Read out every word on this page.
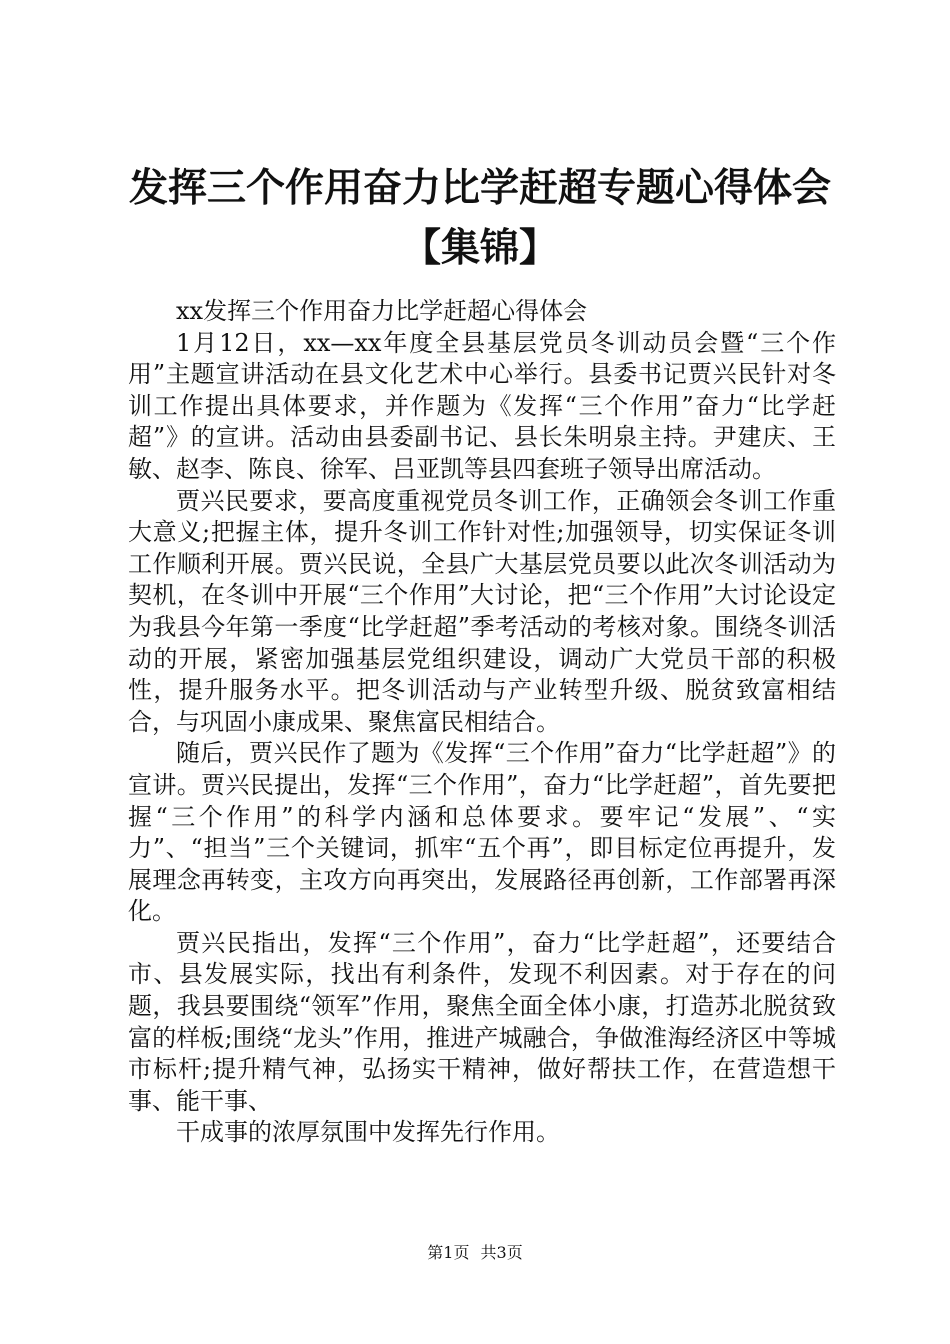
发挥三个作用奋力比学赶超专题心得体会【集锦】

xx发挥三个作用奋力比学赶超心得体会

1月12日，xx—xx年度全县基层党员冬训动员会暨“三个作用”主题宣讲活动在县文化艺术中心举行。县委书记贾兴民针对冬训工作提出具体要求，并作题为《发挥“三个作用”奋力“比学赶超”》的宣讲。活动由县委副书记、县长朱明泉主持。尹建庆、王敏、赵李、陈良、徐军、吕亚凯等县四套班子领导出席活动。

贾兴民要求，要高度重视党员冬训工作，正确领会冬训工作重大意义;把握主体，提升冬训工作针对性;加强领导，切实保证冬训工作顺利开展。贾兴民说，全县广大基层党员要以此次冬训活动为契机，在冬训中开展“三个作用”大讨论，把“三个作用”大讨论设定为我县今年第一季度“比学赶超”季考活动的考核对象。围绕冬训活动的开展，紧密加强基层党组织建设，调动广大党员干部的积极性，提升服务水平。把冬训活动与产业转型升级、脱贫致富相结合，与巩固小康成果、聚焦富民相结合。

随后，贾兴民作了题为《发挥“三个作用”奋力“比学赶超”》的宣讲。贾兴民提出，发挥“三个作用”，奋力“比学赶超”，首先要把握“三个作用”的科学内涵和总体要求。要牢记“发展”、“实力”、“担当”三个关键词，抓牢“五个再”，即目标定位再提升，发展理念再转变，主攻方向再突出，发展路径再创新，工作部署再深化。

贾兴民指出，发挥“三个作用”，奋力“比学赶超”，还要结合市、县发展实际，找出有利条件，发现不利因素。对于存在的问题，我县要围绕“领军”作用，聚焦全面全体小康，打造苏北脱贫致富的样板;围绕“龙头”作用，推进产城融合，争做淮海经济区中等城市标杆;提升精气神，弘扬实干精神，做好帮扶工作，在营造想干事、能干事、

干成事的浓厚氛围中发挥先行作用。

第1页 共3页
